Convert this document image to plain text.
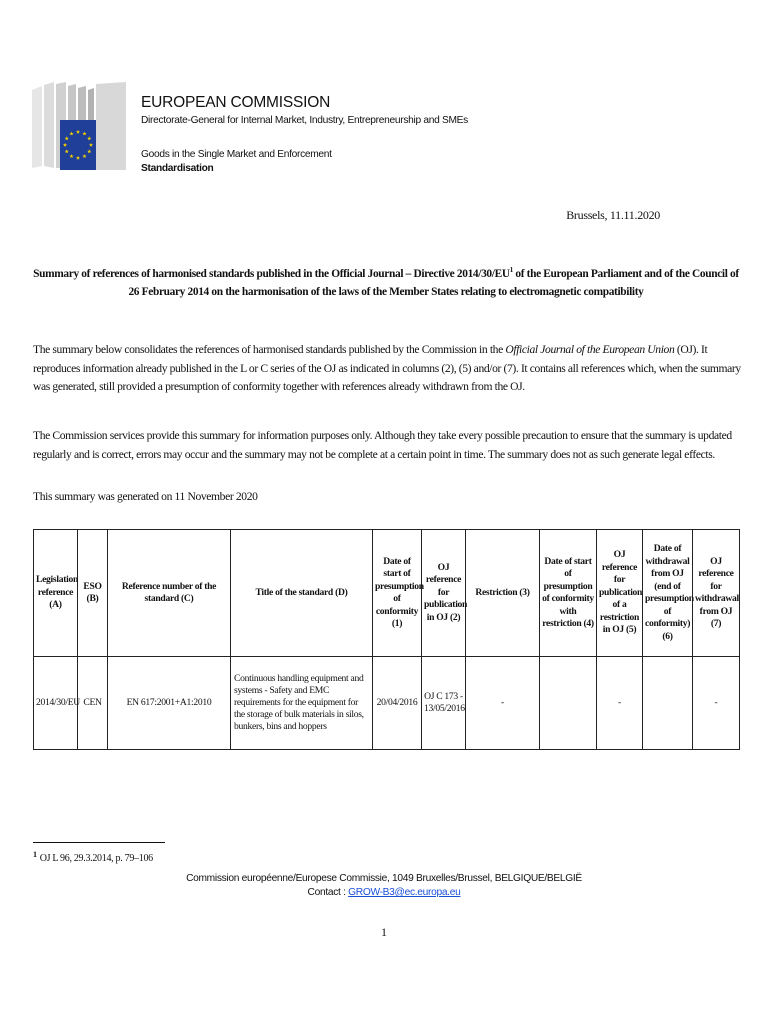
EUROPEAN COMMISSION
Directorate-General for Internal Market, Industry, Entrepreneurship and SMEs
Goods in the Single Market and Enforcement
Standardisation
Brussels, 11.11.2020
Summary of references of harmonised standards published in the Official Journal – Directive $2014/30/EU^1$ of the European Parliament and of the Council of 26 February 2014 on the harmonisation of the laws of the Member States relating to electromagnetic compatibility

The summary below consolidates the references of harmonised standards published by the Commission in the Official Journal of the European Union (OJ). It reproduces information already published in the L or C series of the OJ as indicated in columns (2), (5) and/or (7). It contains all references which, when the summary was generated, still provided a presumption of conformity together with references already withdrawn from the OJ.

The Commission services provide this summary for information purposes only. Although they take every possible precaution to ensure that the summary is updated regularly and is correct, errors may occur and the summary may not be complete at a certain point in time. The summary does not as such generate legal effects.

This summary was generated on 11 November 2020

Legislation reference (A)	ESO (B)	Reference number of the standard (C)	Title of the standard (D)	Date of start of presumption of conformity (1)	OJ reference for publication in OJ (2)	Restriction (3)	Date of start of presumption of conformity with restriction (4)	OJ reference for publication of a restriction in OJ (5)	Date of withdrawal from OJ (end of presumption of conformity) (6)	OJ reference for withdrawal from OJ (7)
2014/30/EU	CEN	EN 617:2001+A1:2010	Continuous handling equipment and systems - Safety and EMC requirements for the equipment for the storage of bulk materials in silos, bunkers, bins and hoppers	20/04/2016	OJ C 173 - 13/05/2016	-		-		-
$^1$ OJ L 96, 29.3.2014, p. 79–106
Commission européenne/Europese Commissie, 1049 Bruxelles/Brussel, BELGIQUE/BELGIË
Contact : GROW-B3@ec.europa.eu
1
